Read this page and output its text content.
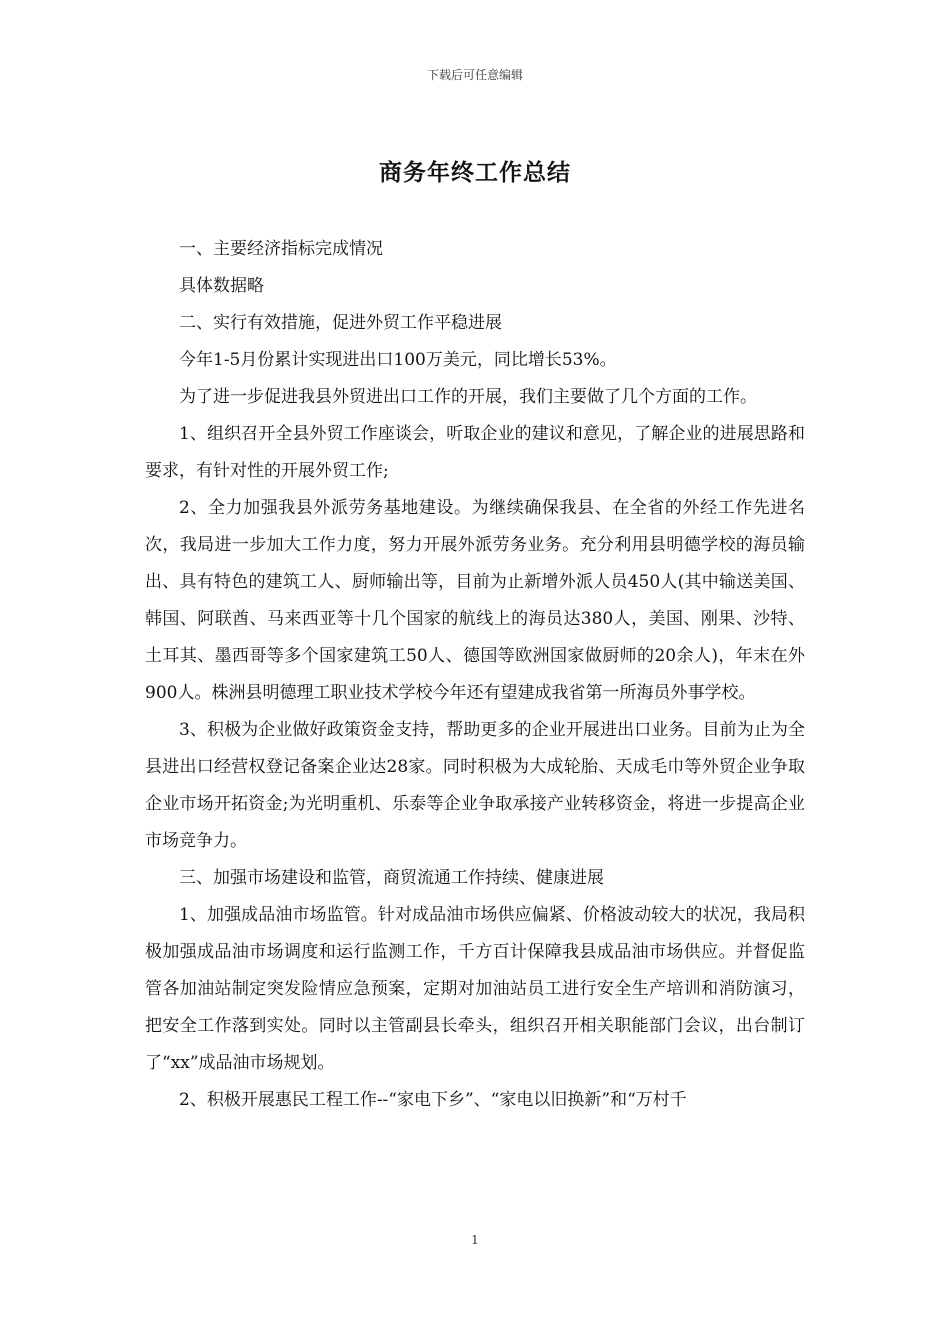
下载后可任意编辑
商务年终工作总结

一、主要经济指标完成情况

具体数据略

二、实行有效措施，促进外贸工作平稳进展

今年1-5月份累计实现进出口100万美元，同比增长53%。

为了进一步促进我县外贸进出口工作的开展，我们主要做了几个方面的工作。

1、组织召开全县外贸工作座谈会，听取企业的建议和意见，了解企业的进展思路和要求，有针对性的开展外贸工作;

2、全力加强我县外派劳务基地建设。为继续确保我县、在全省的外经工作先进名次，我局进一步加大工作力度，努力开展外派劳务业务。充分利用县明德学校的海员输出、具有特色的建筑工人、厨师输出等，目前为止新增外派人员450人(其中输送美国、韩国、阿联酋、马来西亚等十几个国家的航线上的海员达380人，美国、刚果、沙特、土耳其、墨西哥等多个国家建筑工50人、德国等欧洲国家做厨师的20余人)，年末在外900人。株洲县明德理工职业技术学校今年还有望建成我省第一所海员外事学校。

3、积极为企业做好政策资金支持，帮助更多的企业开展进出口业务。目前为止为全县进出口经营权登记备案企业达28家。同时积极为大成轮胎、天成毛巾等外贸企业争取企业市场开拓资金;为光明重机、乐泰等企业争取承接产业转移资金，将进一步提高企业市场竞争力。

三、加强市场建设和监管，商贸流通工作持续、健康进展

1、加强成品油市场监管。针对成品油市场供应偏紧、价格波动较大的状况，我局积极加强成品油市场调度和运行监测工作，千方百计保障我县成品油市场供应。并督促监管各加油站制定突发险情应急预案，定期对加油站员工进行安全生产培训和消防演习，把安全工作落到实处。同时以主管副县长牵头，组织召开相关职能部门会议，出台制订了“xx”成品油市场规划。

2、积极开展惠民工程工作--“家电下乡”、“家电以旧换新”和“万村千

1
